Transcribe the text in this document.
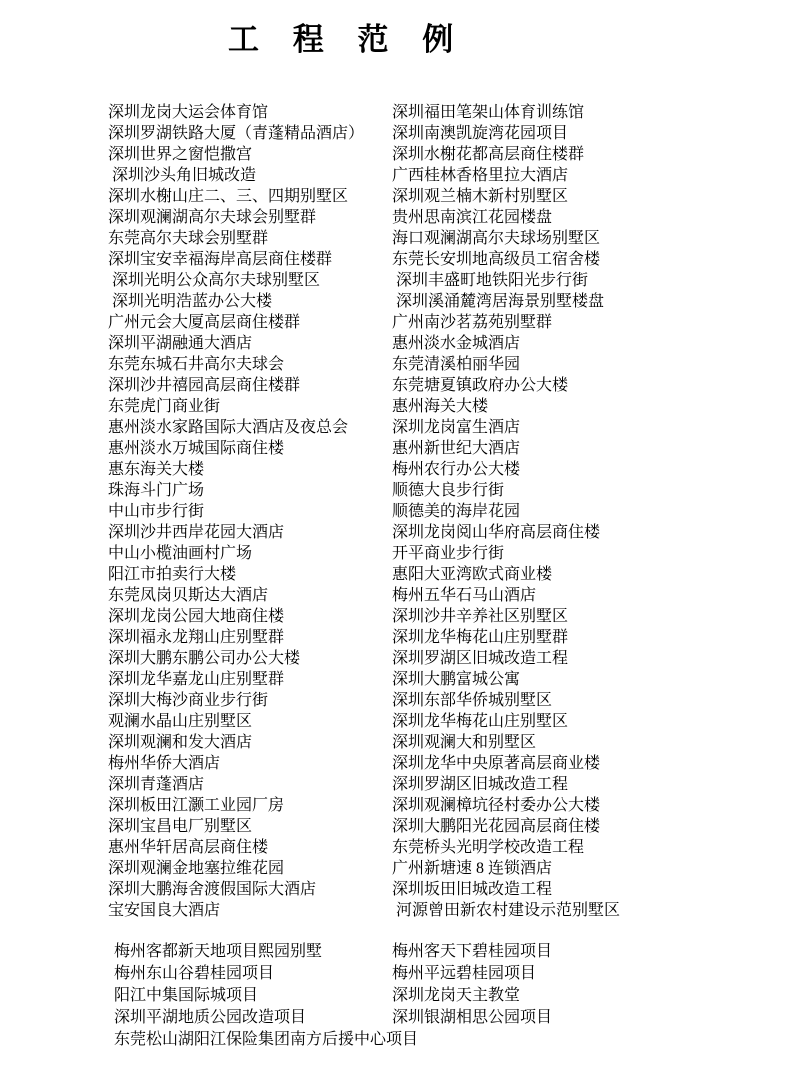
工 程 范 例
深圳龙岗大运会体育馆	深圳福田笔架山体育训练馆
深圳罗湖铁路大厦（青蓬精品酒店）	深圳南澳凯旋湾花园项目
深圳世界之窗恺撒宫	深圳水榭花都高层商住楼群
深圳沙头角旧城改造	广西桂林香格里拉大酒店
深圳水榭山庄二、三、四期别墅区	深圳观兰楠木新村别墅区
深圳观澜湖高尔夫球会别墅群	贵州思南滨江花园楼盘
东莞高尔夫球会别墅群	海口观澜湖高尔夫球场别墅区
深圳宝安幸福海岸高层商住楼群	东莞长安圳地高级员工宿舍楼
深圳光明公众高尔夫球别墅区	深圳丰盛町地铁阳光步行街
深圳光明浩蓝办公大楼	深圳溪涌麓湾居海景别墅楼盘
广州元会大厦高层商住楼群	广州南沙茗荔苑别墅群
深圳平湖融通大酒店	惠州淡水金城酒店
东莞东城石井高尔夫球会	东莞清溪柏丽华园
深圳沙井禧园高层商住楼群	东莞塘夏镇政府办公大楼
东莞虎门商业街	惠州海关大楼
惠州淡水家路国际大酒店及夜总会	深圳龙岗富生酒店
惠州淡水万城国际商住楼	惠州新世纪大酒店
惠东海关大楼	梅州农行办公大楼
珠海斗门广场	顺德大良步行街
中山市步行街	顺德美的海岸花园
深圳沙井西岸花园大酒店	深圳龙岗阅山华府高层商住楼
中山小榄油画村广场	开平商业步行街
阳江市拍卖行大楼	惠阳大亚湾欧式商业楼
东莞凤岗贝斯达大酒店	梅州五华石马山酒店
深圳龙岗公园大地商住楼	深圳沙井辛养社区别墅区
深圳福永龙翔山庄别墅群	深圳龙华梅花山庄别墅群
深圳大鹏东鹏公司办公大楼	深圳罗湖区旧城改造工程
深圳龙华嘉龙山庄别墅群	深圳大鹏富城公寓
深圳大梅沙商业步行街	深圳东部华侨城别墅区
观澜水晶山庄别墅区	深圳龙华梅花山庄别墅区
深圳观澜和发大酒店	深圳观澜大和别墅区
梅州华侨大酒店	深圳龙华中央原著高层商业楼
深圳青蓬酒店	深圳罗湖区旧城改造工程
深圳板田江灏工业园厂房	深圳观澜樟坑径村委办公大楼
深圳宝昌电厂别墅区	深圳大鹏阳光花园高层商住楼
惠州华轩居高层商住楼	东莞桥头光明学校改造工程
深圳观澜金地塞拉维花园	广州新塘速 8 连锁酒店
深圳大鹏海舍渡假国际大酒店	深圳坂田旧城改造工程
宝安国良大酒店	河源曾田新农村建设示范别墅区
梅州客都新天地项目熙园别墅	梅州客天下碧桂园项目
梅州东山谷碧桂园项目	梅州平远碧桂园项目
阳江中集国际城项目	深圳龙岗天主教堂
深圳平湖地质公园改造项目	深圳银湖相思公园项目
东莞松山湖阳江保险集团南方后援中心项目
